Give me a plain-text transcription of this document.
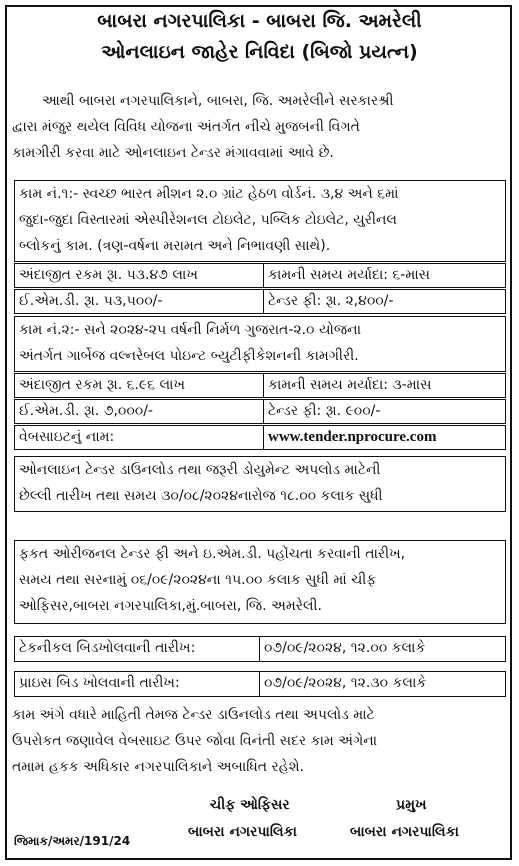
બાબરા નગરપાલિકા - બાબરા જિ. અમરેલી
ઓનલાઇન જાહેર નિવિદા (બિજો પ્રયત્ન)
આથી બાબરા નગરપાલિકાને, બાબરા, જિ. અમરેલીને સરકારશ્રી
દ્વારા મંજુર થયેલ વિવિધ યોજના અંતર્ગત નીચે મુજબની વિગતે
કામગીરી કરવા માટે ઓનલાઇન ટેન્ડર મંગાવવામાં આવે છે.
કામ નં.૧:- સ્વચ્છ ભારત મીશન ૨.૦ ગ્રાંટ હેઠળ વોર્ડનં. ૩,૪ અને ૬માં
જુદા-જુદા વિસ્તારમાં એસ્પીરેશનલ ટોઇલેટ, પબ્લિક ટોઇલેટ, યુરીનલ
બ્લોકનું કામ. (ત્રણ-વર્ષના મરામત અને નિભાવણી સાથે).
અંદાજીત રકમ રૂા. પ૩.૪૭ લાખ	કામની સમય મર્યાદા: ૬-માસ
ઈ.એમ.ડી. રૂા. પ૩,૫૦૦/-	ટેન્ડર ફી: રૂા. ૨,૪૦૦/-
કામ નં.૨:- સને ૨૦૨૪-૨૫ વર્ષની નિર્મળ ગુજરાત-૨.૦ યોજના
અંતર્ગત ગાર્બેજ વલ્નરેબલ પોઇન્ટ બ્યુટીફીકેશનની કામગીરી.
અંદાજીત રકમ રૂા. ૬.૯૬ લાખ	કામની સમય મર્યાદા: ૩-માસ
ઈ.એમ.ડી. રૂા. ૭,૦૦૦/-	ટેન્ડર ફી: રૂા. ૯૦૦/-
વેબસાઇટનું નામ:	www.tender.nprocure.com
ઓનલાઇન ટેન્ડર ડાઉનલોડ તથા જરૂરી ડોયુમેન્ટ અપલોડ માટેની
છેલ્લી તારીખ તથા સમય ૩૦/૦૮/૨૦૨૪નારોજ ૧૮.૦૦ કલાક સુધી
ફકત ઓરીજનલ ટેન્ડર ફી અને ઇ.એમ.ડી. પહોંચતા કરવાની તારીખ,
સમય તથા સરનામું ૦૬/૦૯/૨૦૨૪ના ૧૫.૦૦ કલાક સુધી માં ચીફ
ઓફિસર,બાબરા નગરપાલિકા,મું.બાબરા, જિ. અમરેલી.
ટેકનીકલ બિડખોલવાની તારીખ:	૦૭/૦૯/૨૦૨૪, ૧૨.૦૦ કલાકે
પ્રાઇસ બિડ ખોલવાની તારીખ:	૦૭/૦૯/૨૦૨૪, ૧૨.૩૦ કલાકે
કામ અંગે વધારે માહિતી તેમજ ટેન્ડર ડાઉનલોડ તથા અપલોડ માટે
ઉપરોકત જણાવેલ વેબસાઇટ ઉપર જોવા વિનંતી સદર કામ અંગેના
તમામ હકક અધિકાર નગરપાલિકાને અબાધિત રહેશે.
ચીફ ઓફિસર
બાબરા નગરપાલિકા
પ્રમુખ
બાબરા નગરપાલિકા
જિમાક/અમર/191/24
